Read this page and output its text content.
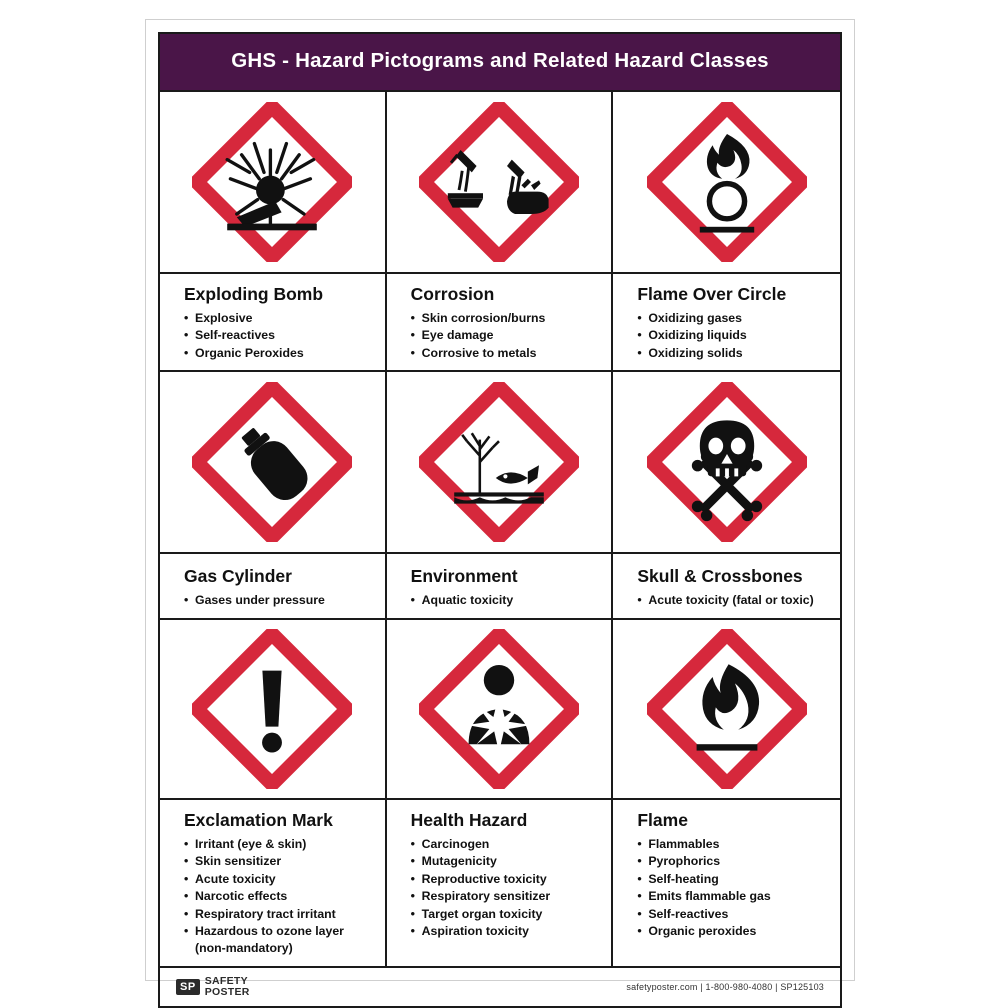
GHS - Hazard Pictograms and Related Hazard Classes
Exploding Bomb
• Explosive
• Self-reactives
• Organic Peroxides
Corrosion
• Skin corrosion/burns
• Eye damage
• Corrosive to metals
Flame Over Circle
• Oxidizing gases
• Oxidizing liquids
• Oxidizing solids
Gas Cylinder
• Gases under pressure
Environment
• Aquatic toxicity
Skull & Crossbones
• Acute toxicity (fatal or toxic)
Exclamation Mark
• Irritant (eye & skin)
• Skin sensitizer
• Acute toxicity
• Narcotic effects
• Respiratory tract irritant
• Hazardous to ozone layer (non-mandatory)
Health Hazard
• Carcinogen
• Mutagenicity
• Reproductive toxicity
• Respiratory sensitizer
• Target organ toxicity
• Aspiration toxicity
Flame
• Flammables
• Pyrophorics
• Self-heating
• Emits flammable gas
• Self-reactives
• Organic peroxides
SP SAFETY
POSTER	safetyposter.com | 1-800-980-4080 | SP125103
